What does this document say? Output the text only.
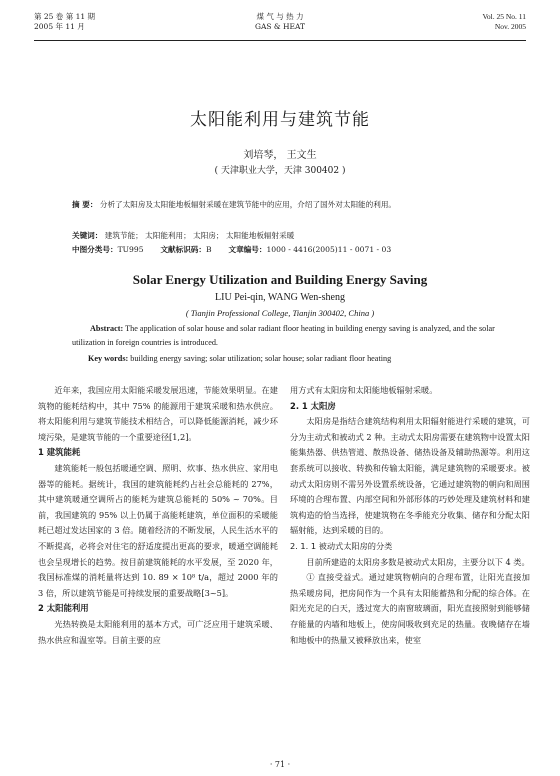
第 25 卷 第 11 期
2005 年 11 月
煤 气 与 热 力
GAS & HEAT
Vol. 25 No. 11
Nov. 2005
太阳能利用与建筑节能
刘培琴， 王文生
( 天津职业大学，天津 300402 )
摘 要： 分析了太阳房及太阳能地板辐射采暖在建筑节能中的应用，介绍了国外对太阳能的利用。
关键词： 建筑节能； 太阳能利用； 太阳房； 太阳能地板辐射采暖
中图分类号：TU995 文献标识码：B 文章编号：1000 - 4416(2005)11 - 0071 - 03
Solar Energy Utilization and Building Energy Saving
LIU Pei-qin, WANG Wen-sheng
( Tianjin Professional College, Tianjin 300402, China )
Abstract: The application of solar house and solar radiant floor heating in building energy saving is analyzed, and the solar utilization in foreign countries is introduced.
Key words: building energy saving; solar utilization; solar house; solar radiant floor heating

近年来，我国应用太阳能采暖发展迅速，节能效果明显。在建筑物的能耗结构中，其中 75% 的能源用于建筑采暖和热水供应。将太阳能利用与建筑节能技术相结合，可以降低能源消耗，减少环境污染，是建筑节能的一个重要途径[1,2]。

1 建筑能耗

建筑能耗一般包括暖通空调、照明、炊事、热水供应、家用电器等的能耗。据统计，我国的建筑能耗约占社会总能耗的 27%，其中建筑暖通空调所占的能耗为建筑总能耗的 50% ~ 70%。目前，我国建筑的 95% 以上仍属于高能耗建筑，单位面积的采暖能耗已超过发达国家的 3 倍。随着经济的不断发展，人民生活水平的不断提高，必将会对住宅的舒适度提出更高的要求，暖通空调能耗也会呈现增长的趋势。按目前建筑能耗的水平发展，至 2020 年，我国标准煤的消耗量将达到 10. 89 × 10⁸ t/a，超过 2000 年的 3 倍，所以建筑节能是可持续发展的重要战略[3~5]。

2 太阳能利用

光热转换是太阳能利用的基本方式，可广泛应用于建筑采暖、热水供应和温室等。目前主要的应

用方式有太阳房和太阳能地板辐射采暖。

2. 1 太阳房

太阳房是指结合建筑结构利用太阳辐射能进行采暖的建筑，可分为主动式和被动式 2 种。主动式太阳房需要在建筑物中设置太阳能集热器、供热管道、散热设备、储热设备及辅助热源等。利用这套系统可以接收、转换和传输太阳能，满足建筑物的采暖要求。被动式太阳房则不需另外设置系统设备，它通过建筑物的朝向和周围环境的合理布置、内部空间和外部形体的巧妙处理及建筑材料和建筑构造的恰当选择，使建筑物在冬季能充分收集、储存和分配太阳辐射能，达到采暖的目的。

2. 1. 1 被动式太阳房的分类

目前所建造的太阳房多数是被动式太阳房，主要分以下 4 类。

① 直接受益式。通过建筑物朝向的合理布置，让阳光直接加热采暖房间，把房间作为一个具有太阳能蓄热和分配的综合体。在阳光充足的白天，透过宽大的南窗玻璃面，阳光直接照射到能够储存能量的内墙和地板上，使房间吸收到充足的热量。夜晚储存在墙和地板中的热量又被释放出来，使室

· 71 ·
